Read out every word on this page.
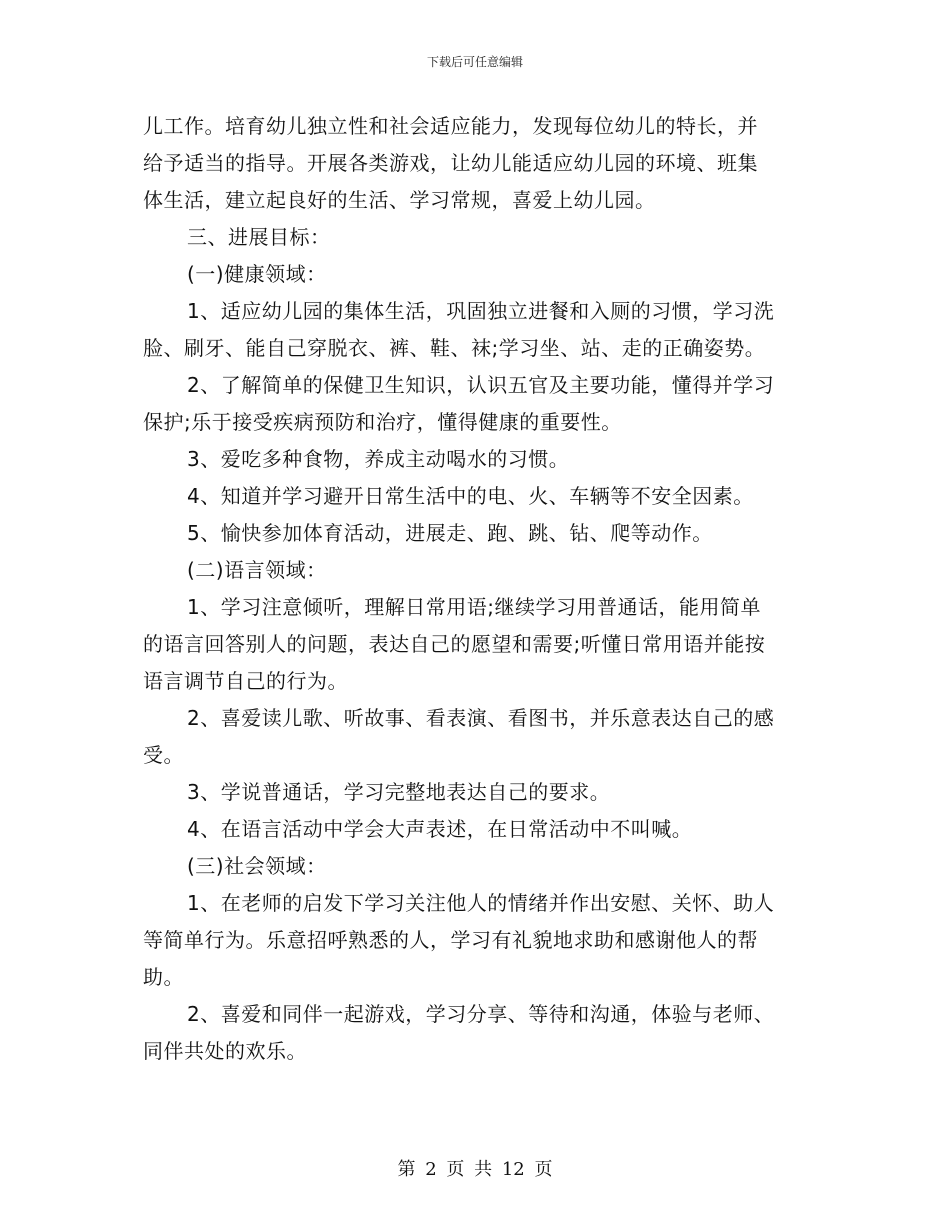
下载后可任意编辑

儿工作。培育幼儿独立性和社会适应能力，发现每位幼儿的特长，并

给予适当的指导。开展各类游戏，让幼儿能适应幼儿园的环境、班集

体生活，建立起良好的生活、学习常规，喜爱上幼儿园。

三、进展目标：

(一)健康领域：

1、适应幼儿园的集体生活，巩固独立进餐和入厕的习惯，学习洗

脸、刷牙、能自己穿脱衣、裤、鞋、袜;学习坐、站、走的正确姿势。

2、了解简单的保健卫生知识，认识五官及主要功能，懂得并学习

保护;乐于接受疾病预防和治疗，懂得健康的重要性。

3、爱吃多种食物，养成主动喝水的习惯。

4、知道并学习避开日常生活中的电、火、车辆等不安全因素。

5、愉快参加体育活动，进展走、跑、跳、钻、爬等动作。

(二)语言领域：

1、学习注意倾听，理解日常用语;继续学习用普通话，能用简单

的语言回答别人的问题，表达自己的愿望和需要;听懂日常用语并能按

语言调节自己的行为。

2、喜爱读儿歌、听故事、看表演、看图书，并乐意表达自己的感

受。

3、学说普通话，学习完整地表达自己的要求。

4、在语言活动中学会大声表述，在日常活动中不叫喊。

(三)社会领域：

1、在老师的启发下学习关注他人的情绪并作出安慰、关怀、助人

等简单行为。乐意招呼熟悉的人，学习有礼貌地求助和感谢他人的帮

助。

2、喜爱和同伴一起游戏，学习分享、等待和沟通，体验与老师、

同伴共处的欢乐。

第 2 页 共 12 页
